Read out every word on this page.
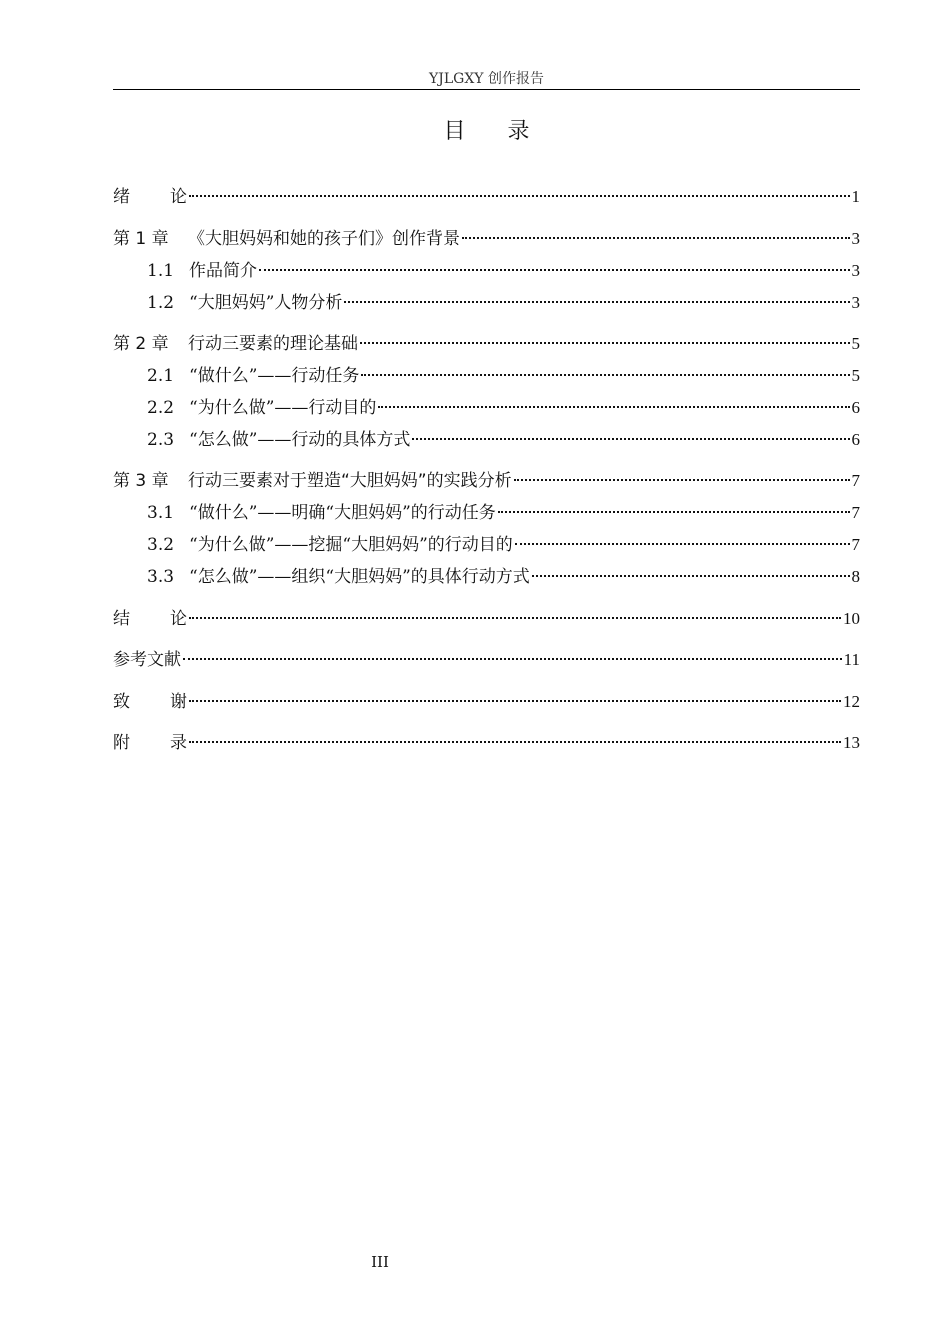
YJLGXY 创作报告
目 录
绪 论	1
第 1 章 《大胆妈妈和她的孩子们》创作背景	3
1.1 作品简介	3
1.2 “大胆妈妈”人物分析	3
第 2 章 行动三要素的理论基础	5
2.1 “做什么”——行动任务	5
2.2 “为什么做”——行动目的	6
2.3 “怎么做”——行动的具体方式	6
第 3 章 行动三要素对于塑造“大胆妈妈”的实践分析	7
3.1 “做什么”——明确“大胆妈妈”的行动任务	7
3.2 “为什么做”——挖掘“大胆妈妈”的行动目的	7
3.3 “怎么做”——组织“大胆妈妈”的具体行动方式	8
结 论	10
参考文献	11
致 谢	12
附 录	13
III
